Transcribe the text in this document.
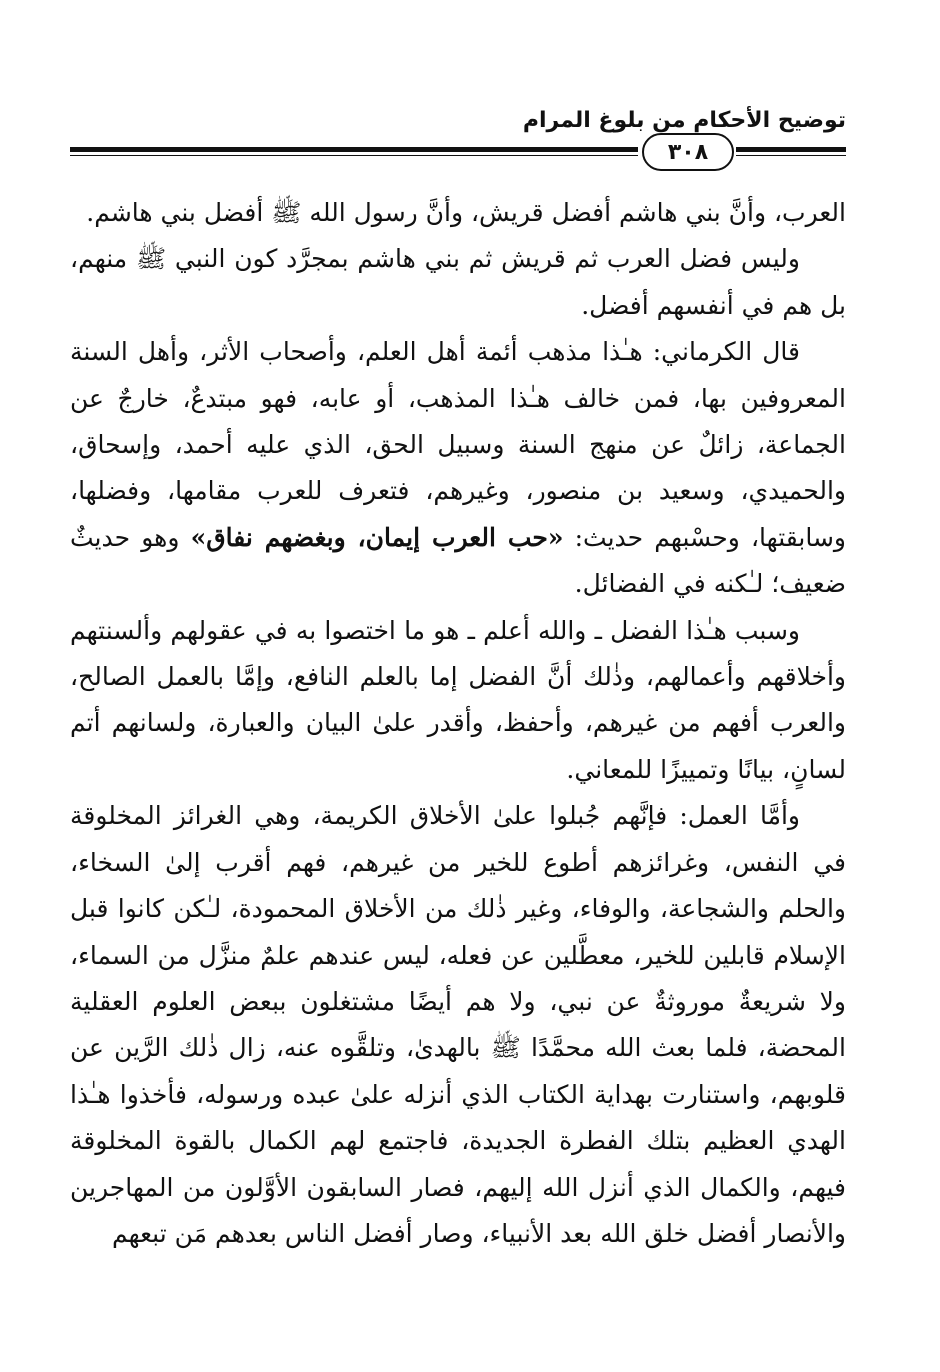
توضيح الأحكام من بلوغ المرام
٣٠٨

العرب، وأنَّ بني هاشم أفضل قريش، وأنَّ رسول الله ﷺ أفضل بني هاشم.

وليس فضل العرب ثم قريش ثم بني هاشم بمجرَّد كون النبي ﷺ منهم، بل هم في أنفسهم أفضل.

قال الكرماني: هـٰذا مذهب أئمة أهل العلم، وأصحاب الأثر، وأهل السنة المعروفين بها، فمن خالف هـٰذا المذهب، أو عابه، فهو مبتدعٌ، خارجٌ عن الجماعة، زائلٌ عن منهج السنة وسبيل الحق، الذي عليه أحمد، وإسحاق، والحميدي، وسعيد بن منصور، وغيرهم، فتعرف للعرب مقامها، وفضلها، وسابقتها، وحسْبهم حديث: «حب العرب إيمان، وبغضهم نفاق» وهو حديثٌ ضعيف؛ لـٰكنه في الفضائل.

وسبب هـٰذا الفضل ـ والله أعلم ـ هو ما اختصوا به في عقولهم وألسنتهم وأخلاقهم وأعمالهم، وذٰلك أنَّ الفضل إما بالعلم النافع، وإمَّا بالعمل الصالح، والعرب أفهم من غيرهم، وأحفظ، وأقدر علىٰ البيان والعبارة، ولسانهم أتم لسانٍ، بيانًا وتمييزًا للمعاني.

وأمَّا العمل: فإنَّهم جُبلوا علىٰ الأخلاق الكريمة، وهي الغرائز المخلوقة في النفس، وغرائزهم أطوع للخير من غيرهم، فهم أقرب إلىٰ السخاء، والحلم والشجاعة، والوفاء، وغير ذٰلك من الأخلاق المحمودة، لـٰكن كانوا قبل الإسلام قابلين للخير، معطَّلين عن فعله، ليس عندهم علمٌ منزَّل من السماء، ولا شريعةٌ موروثةٌ عن نبي، ولا هم أيضًا مشتغلون ببعض العلوم العقلية المحضة، فلما بعث الله محمَّدًا ﷺ بالهدىٰ، وتلقَّوه عنه، زال ذٰلك الرَّين عن قلوبهم، واستنارت بهداية الكتاب الذي أنزله علىٰ عبده ورسوله، فأخذوا هـٰذا الهدي العظيم بتلك الفطرة الجديدة، فاجتمع لهم الكمال بالقوة المخلوقة فيهم، والكمال الذي أنزل الله إليهم، فصار السابقون الأوَّلون من المهاجرين والأنصار أفضل خلق الله بعد الأنبياء، وصار أفضل الناس بعدهم مَن تبعهم
